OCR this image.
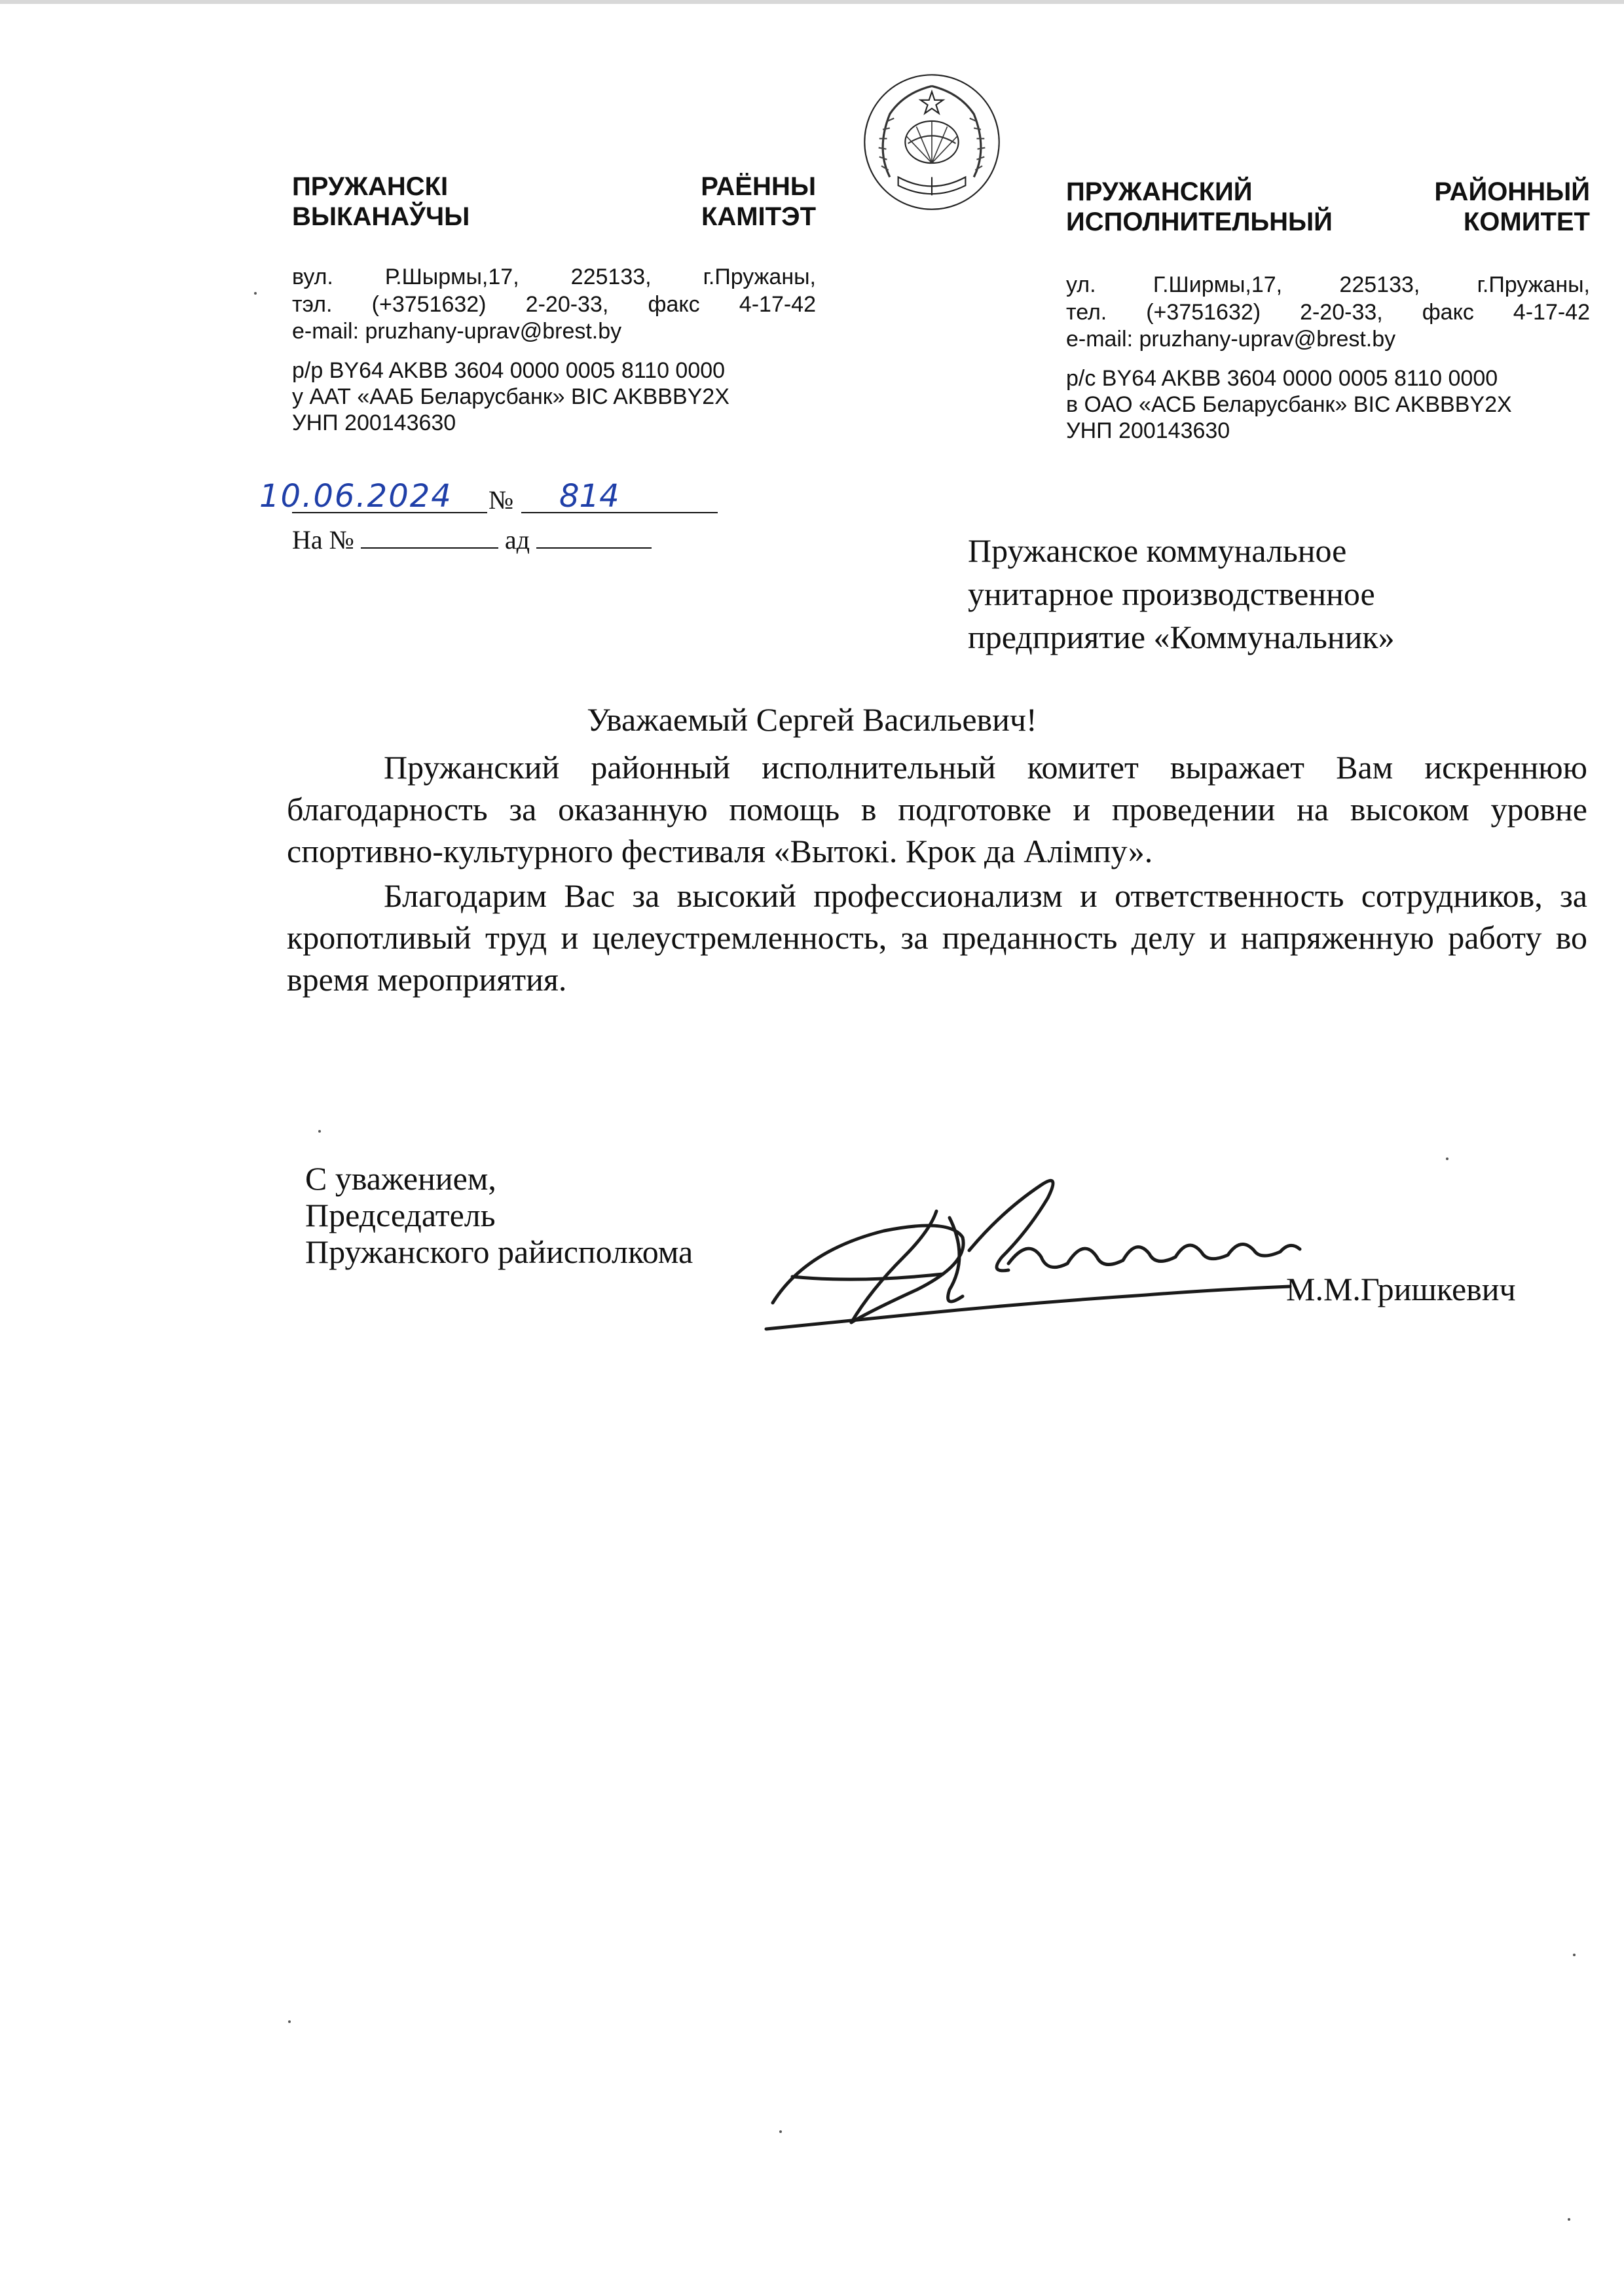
ПРУЖАНСКІ	РАЁННЫ
ВЫКАНАЎЧЫ	КАМІТЭТ
вул. Р.Шырмы,17, 225133, г.Пружаны,
тэл. (+3751632) 2-20-33, факс 4-17-42
e-mail: pruzhany-uprav@brest.by
р/р BY64 AKBB 3604 0000 0005 8110 0000
у ААТ «ААБ Беларусбанк» BIC AKBBBY2X
УНП 200143630
ПРУЖАНСКИЙ	РАЙОННЫЙ
ИСПОЛНИТЕЛЬНЫЙ	КОМИТЕТ
ул. Г.Ширмы,17, 225133, г.Пружаны,
тел. (+3751632) 2-20-33, факс 4-17-42
e-mail: pruzhany-uprav@brest.by
р/с BY64 AKBB 3604 0000 0005 8110 0000
в ОАО «АСБ Беларусбанк» BIC AKBBBY2X
УНП 200143630
10.06.2024 № 814
На №	ад	Пружанское коммунальное
унитарное производственное
предприятие «Коммунальник»
Уважаемый Сергей Васильевич!

Пружанский районный исполнительный комитет выражает Вам искреннюю благодарность за оказанную помощь в подготовке и проведении на высоком уровне спортивно-культурного фестиваля «Вытокі. Крок да Алімпу».

Благодарим Вас за высокий профессионализм и ответственность сотрудников, за кропотливый труд и целеустремленность, за преданность делу и напряженную работу во время мероприятия.

С уважением,
Председатель
Пружанского райисполкома
М.М.Гришкевич
